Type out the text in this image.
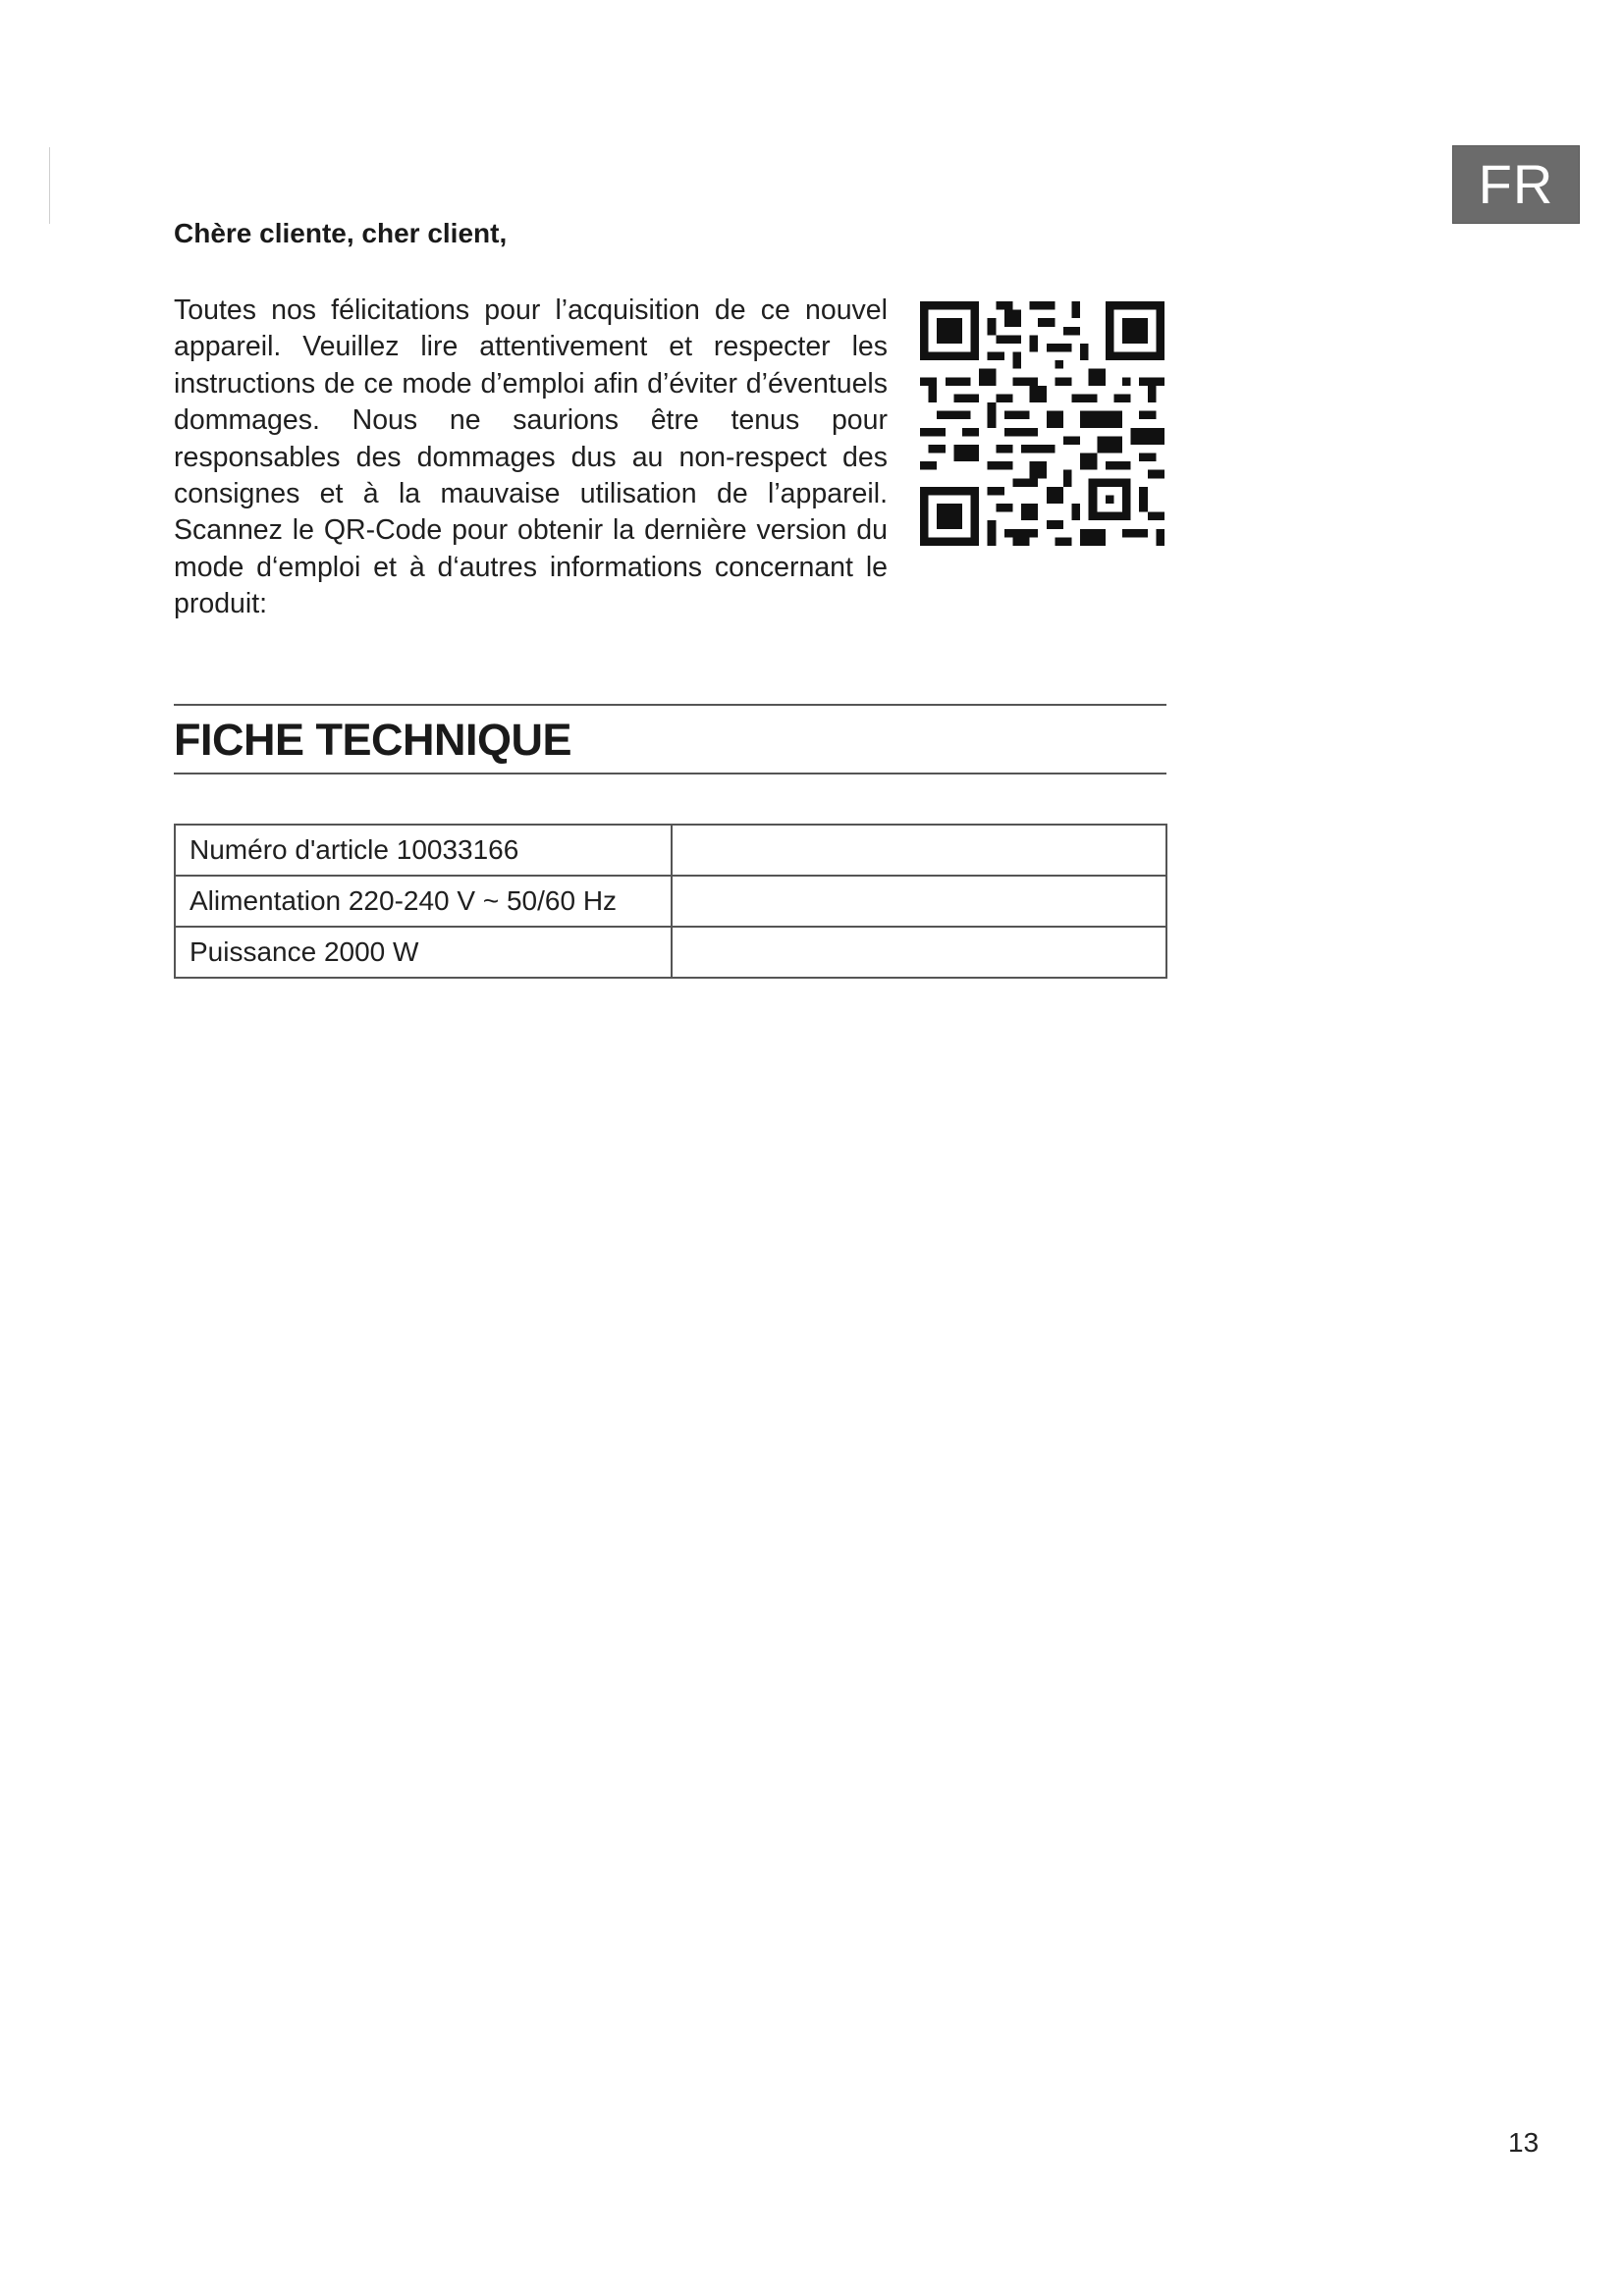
FR
Chère cliente, cher client,
Toutes nos félicitations pour l’acquisition de ce nouvel appareil. Veuillez lire attentivement et respecter les instructions de ce mode d’emploi afin d’éviter d’éventuels dommages. Nous ne saurions être tenus pour responsables des dommages dus au non-respect des consignes et à la mauvaise utilisation de l’appareil. Scannez le QR-Code pour obtenir la dernière version du mode d‘emploi et à d‘autres informations concernant le produit:
FICHE TECHNIQUE
Numéro d'article 10033166	
Alimentation 220-240 V ~ 50/60 Hz	
Puissance 2000 W	
13
